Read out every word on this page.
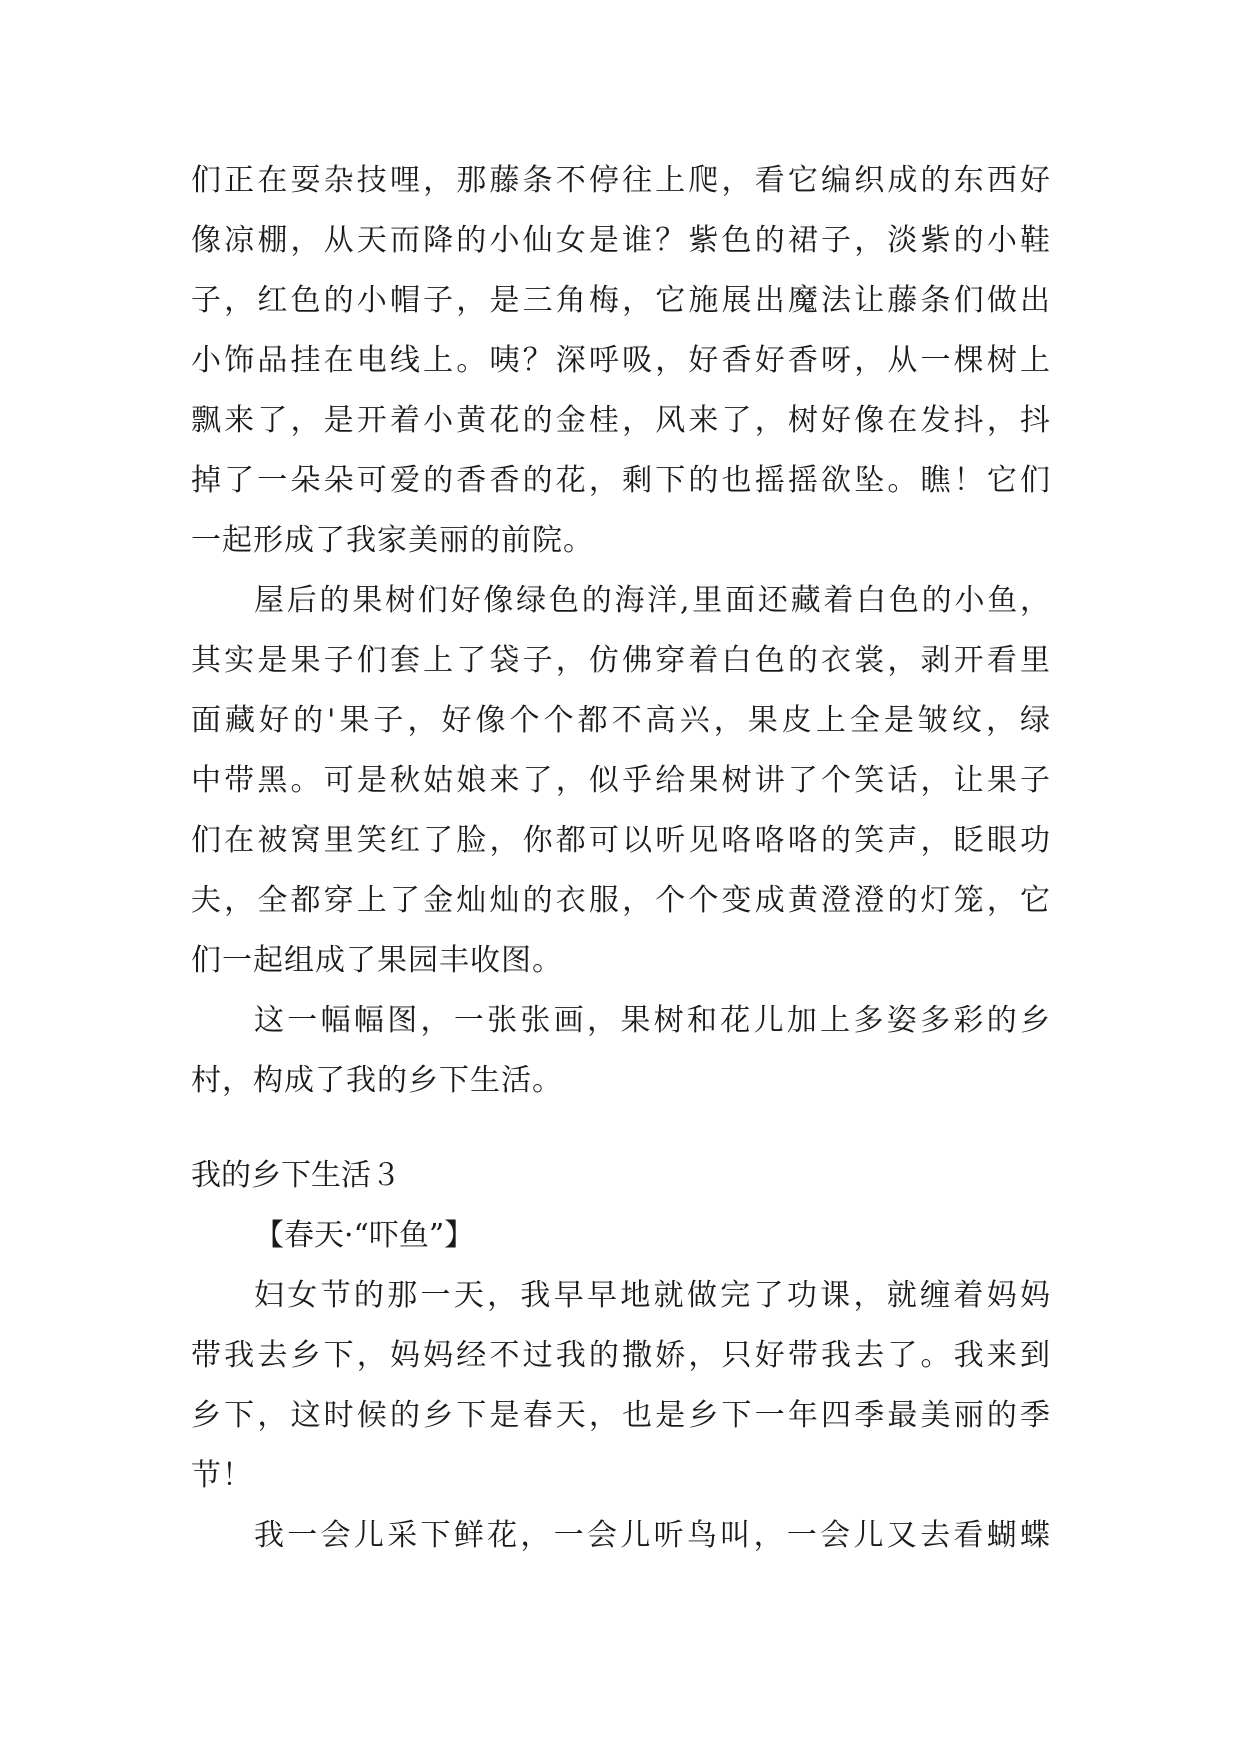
们正在耍杂技哩，那藤条不停往上爬，看它编织成的东西好
像凉棚，从天而降的小仙女是谁？紫色的裙子，淡紫的小鞋
子，红色的小帽子，是三角梅，它施展出魔法让藤条们做出
小饰品挂在电线上。咦？深呼吸，好香好香呀，从一棵树上
飘来了，是开着小黄花的金桂，风来了，树好像在发抖，抖
掉了一朵朵可爱的香香的花，剩下的也摇摇欲坠。瞧！它们
一起形成了我家美丽的前院。
屋后的果树们好像绿色的海洋,里面还藏着白色的小鱼，
其实是果子们套上了袋子，仿佛穿着白色的衣裳，剥开看里
面藏好的'果子，好像个个都不高兴，果皮上全是皱纹，绿
中带黑。可是秋姑娘来了，似乎给果树讲了个笑话，让果子
们在被窝里笑红了脸，你都可以听见咯咯咯的笑声，眨眼功
夫，全都穿上了金灿灿的衣服，个个变成黄澄澄的灯笼，它
们一起组成了果园丰收图。
这一幅幅图，一张张画，果树和花儿加上多姿多彩的乡
村，构成了我的乡下生活。
我的乡下生活３
【春天·“吓鱼”】
妇女节的那一天，我早早地就做完了功课，就缠着妈妈
带我去乡下，妈妈经不过我的撒娇，只好带我去了。我来到
乡下，这时候的乡下是春天，也是乡下一年四季最美丽的季
节！
我一会儿采下鲜花，一会儿听鸟叫，一会儿又去看蝴蝶
